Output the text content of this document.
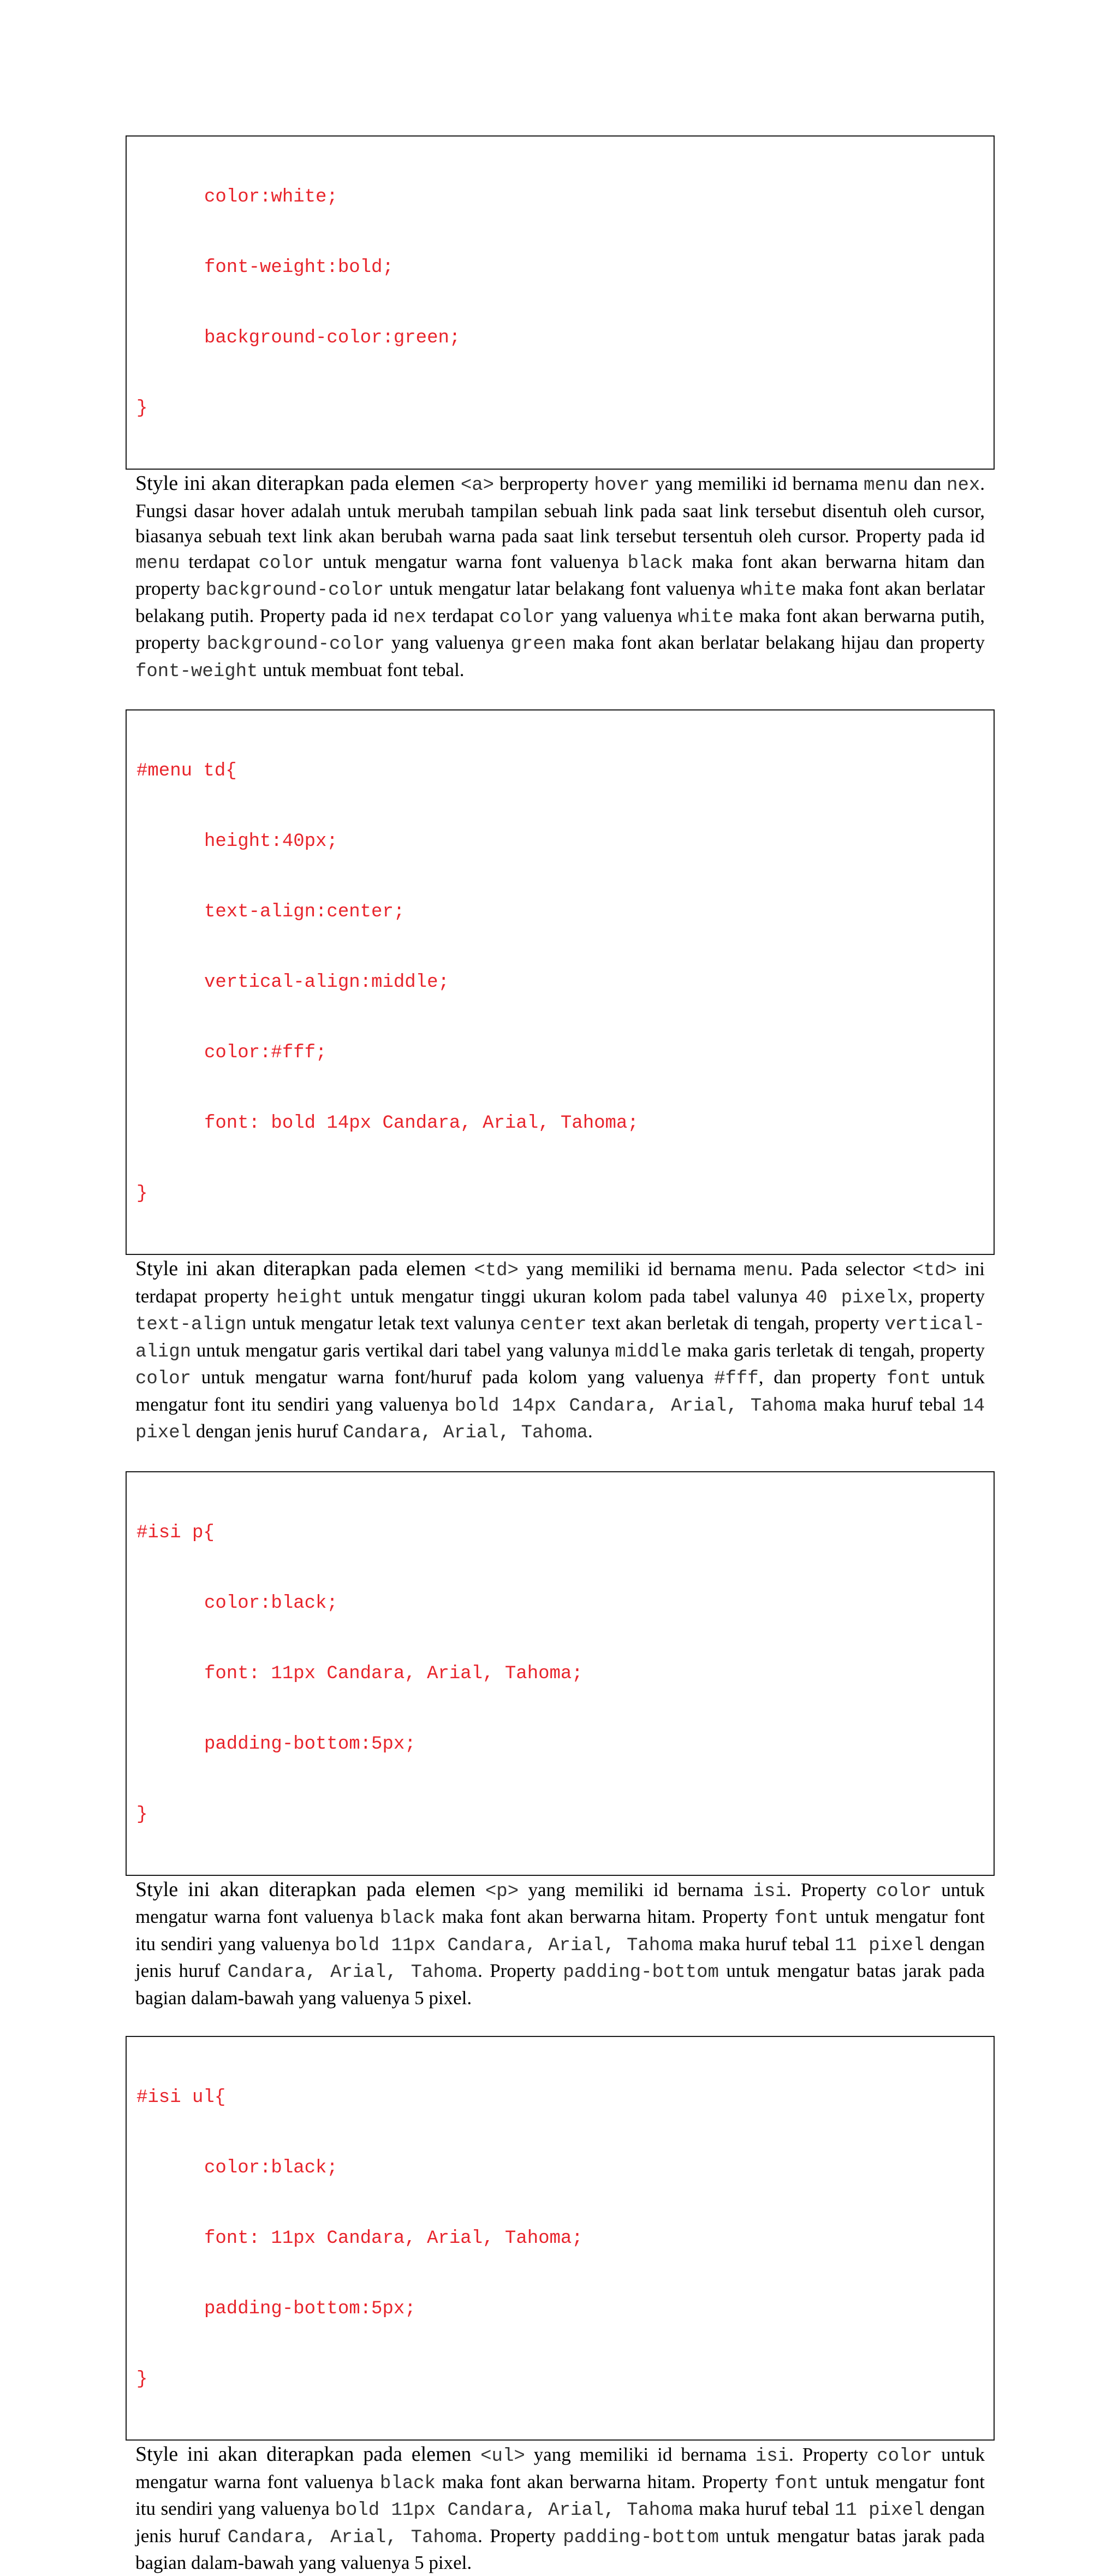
color:white;

font-weight:bold;

background-color:green;

}

Style ini akan diterapkan pada elemen <a> berproperty hover yang memiliki id bernama menu dan nex. Fungsi dasar hover adalah untuk merubah tampilan sebuah link pada saat link tersebut disentuh oleh cursor, biasanya sebuah text link akan berubah warna pada saat link tersebut tersentuh oleh cursor. Property pada id menu terdapat color untuk mengatur warna font valuenya black maka font akan berwarna hitam dan property background-color untuk mengatur latar belakang font valuenya white maka font akan berlatar belakang putih. Property pada id nex terdapat color yang valuenya white maka font akan berwarna putih, property background-color yang valuenya green maka font akan berlatar belakang hijau dan property font-weight untuk membuat font tebal.

#menu td{

height:40px;

text-align:center;

vertical-align:middle;

color:#fff;

font: bold 14px Candara, Arial, Tahoma;

}

Style ini akan diterapkan pada elemen <td> yang memiliki id bernama menu. Pada selector <td> ini terdapat property height untuk mengatur tinggi ukuran kolom pada tabel valunya 40 pixelx, property text-align untuk mengatur letak text valunya center text akan berletak di tengah, property vertical-align untuk mengatur garis vertikal dari tabel yang valunya middle maka garis terletak di tengah, property color untuk mengatur warna font/huruf pada kolom yang valuenya #fff, dan property font untuk mengatur font itu sendiri yang valuenya bold 14px Candara, Arial, Tahoma maka huruf tebal 14 pixel dengan jenis huruf Candara, Arial, Tahoma.

#isi p{

color:black;

font: 11px Candara, Arial, Tahoma;

padding-bottom:5px;

}

Style ini akan diterapkan pada elemen <p> yang memiliki id bernama isi. Property color untuk mengatur warna font valuenya black maka font akan berwarna hitam. Property font untuk mengatur font itu sendiri yang valuenya bold 11px Candara, Arial, Tahoma maka huruf tebal 11 pixel dengan jenis huruf Candara, Arial, Tahoma. Property padding-bottom untuk mengatur batas jarak pada bagian dalam-bawah yang valuenya 5 pixel.

#isi ul{

color:black;

font: 11px Candara, Arial, Tahoma;

padding-bottom:5px;

}

Style ini akan diterapkan pada elemen <ul> yang memiliki id bernama isi. Property color untuk mengatur warna font valuenya black maka font akan berwarna hitam. Property font untuk mengatur font itu sendiri yang valuenya bold 11px Candara, Arial, Tahoma maka huruf tebal 11 pixel dengan jenis huruf Candara, Arial, Tahoma. Property padding-bottom untuk mengatur batas jarak pada bagian dalam-bawah yang valuenya 5 pixel.
